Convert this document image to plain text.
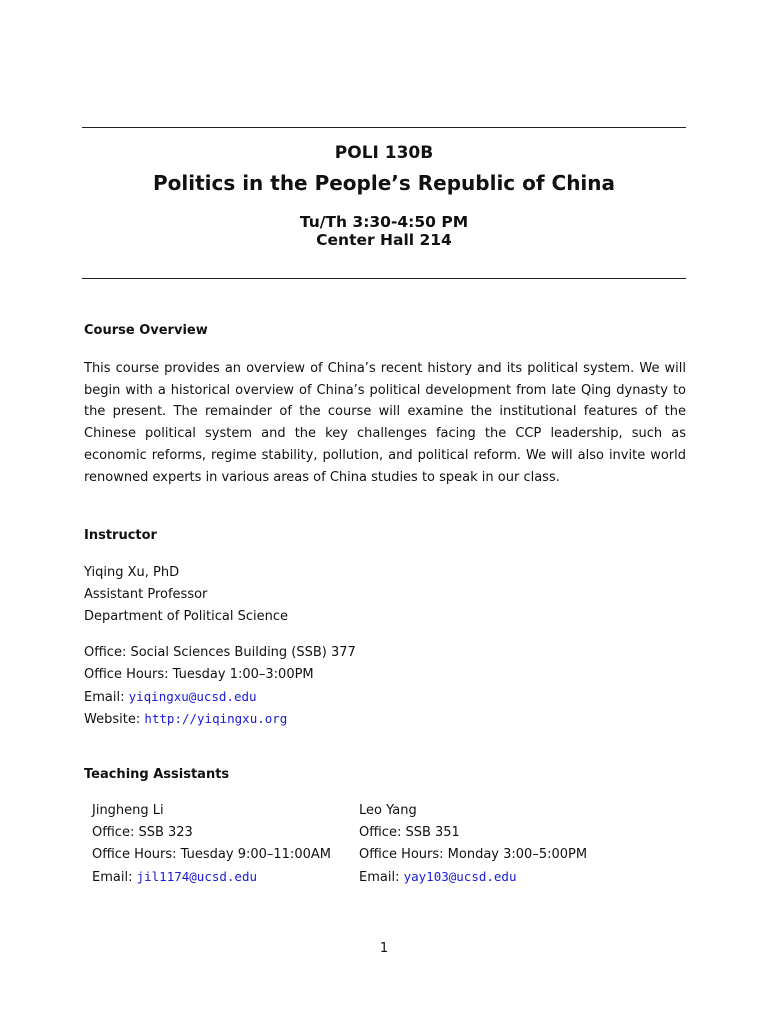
POLI 130B
Politics in the People’s Republic of China
Tu/Th 3:30-4:50 PM
Center Hall 214
Course Overview
This course provides an overview of China’s recent history and its political system. We will begin with a historical overview of China’s political development from late Qing dynasty to the present. The remainder of the course will examine the institutional features of the Chinese political system and the key challenges facing the CCP leadership, such as economic reforms, regime stability, pollution, and political reform. We will also invite world renowned experts in various areas of China studies to speak in our class.
Instructor
Yiqing Xu, PhD
Assistant Professor
Department of Political Science
Office: Social Sciences Building (SSB) 377
Office Hours: Tuesday 1:00–3:00PM
Email: yiqingxu@ucsd.edu
Website: http://yiqingxu.org
Teaching Assistants
Jingheng Li
Office: SSB 323
Office Hours: Tuesday 9:00–11:00AM
Email: jil1174@ucsd.edu
Leo Yang
Office: SSB 351
Office Hours: Monday 3:00–5:00PM
Email: yay103@ucsd.edu
1
